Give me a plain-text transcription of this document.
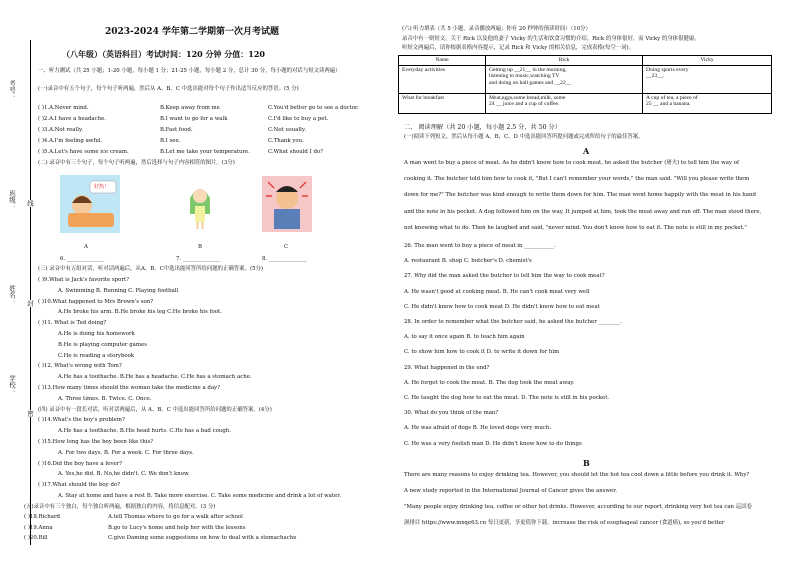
考号：
班级：
姓名：
学校：
线
封
密
2023-2024 学年第二学期第一次月考试题
（八年级）（英语科目）考试时间：120 分钟 分值：120
一、听力测试（共 25 小题；1-20 小题，每小题 1 分；21-25 小题，每小题 2 分，总计 30 分，每小题的对话与短文读两遍）
(一)录音中有五个句子，每个句子听两遍，然后从 A、B、C 中选出能对每个句子作出适当反应的答语。(5 分)
( )1.A.Never mind.	B.Keep away from me	C.You'd better go to see a doctor.
( )2.A.I have a headache.	B.I want to go for a walk	C.I'd like to buy a pet.
( )3.A.Not really.	B.Fast food.	C.Not usually.
( )4.A.I'm feeling awful.	B.I see.	C.Thank you.
( )5.A.Let's have some ice cream.	B.Let me take your temperature.	C.What should I do?
(二) 录音中有三个句子，每个句子听两遍，然后选择与句子内容相符的图片。(3分)
A	B	C
6. ______________	7. ______________	8. ______________
(三) 录音中有五组对话，听对话两遍后，从A、B、C中选出能回答所给问题的正确答案。(5分)
( )9.What is Jack's favorite sport?
A. Swimming B. Running C. Playing football
( )10.What happened to Mrs Brown's son?
A.He broke his arm. B.He broke his leg C.He broke his foot.
( )11. What is Ted doing?
A.He is doing his homework
B.He is playing computer games
C.He is reading a storybook
( )12. What's wrong with Tom?
A.He has a toothache. B.He has a headache. C.He has a stomach ache.
( )13.How many times should the woman take the medicine a day?
A. Three times. B. Twice. C. Once.
(四) 录音中有一段长对话，听对话两遍后，从 A、B、C 中选出能回答所给问题的正确答案。(4分)
( )14.What's the boy's problem?
A.He has a toothache. B.His head hurts. C.He has a bad cough.
( )15.How long has the boy been like this?
A. For two days. B. For a week. C. For three days.
( )16.Did the boy have a fever?
A. Yes,he did. B. No,he didn't. C. We don't know.
( )17.What should the boy do?
A. Stay at home and have a rest B. Take more exercise. C. Take some medicine and drink a lot of water.
(五)录音中有三个独白，每个独白听两遍，根据独白的内容，将信息配对。(3 分)
( )18.Richard	A.tell Thomas where to go for a walk after school
( )19.Anna	B.go to Lucy's home and help her with the lessons
( )20.Bill	C.give Daming some suggestions on how to deal with a stomachache
好热！
(六) 听力填表（共 5 小题，录音播放两遍；你有 20 秒钟的预读时间）（10分）
录音中有一则短文，关于 Rick 以及他的妻子 Vicky 的生活和饮食习惯的介绍。Rick 的身体很好，而 Vicky 的身体很健康。
听短文两遍后，请你根据表格内容提示，记录 Rick 和 Vicky 的相关信息，完成表格(每空一词)。
二、 阅读理解（共 20 小题，每小题 2.5 分，共 50 分）
(一)阅读下列短文，然后从每小题 A、B、C、D 中选出能回答所提问题或完成所给句子的最佳答案。
A
A man went to buy a piece of meat. As he didn't know how to cook meat, he asked the butcher (屠夫) to tell him the way of
cooking it. The butcher told him how to cook it, "But I can't remember your words," the man said. "Will you please write them
down for me?" The butcher was kind enough to write them down for him. The man went home happily with the meat in his hand
and the note in his pocket. A dog followed him on the way. It jumped at him, took the meat away and ran off. The man stood there,
not knowing what to do. Then he laughed and said, "never mind. You don't know how to eat it. The note is still in my pocket."
26. The man went to buy a piece of meat in ___________.
A. restaurant B. shop C. butcher's D. chemist's
27. Why did the man asked the butcher to tell him the way to cook meat?
A. He wasn't good at cooking meat. B. He can't cook meat very well
C. He didn't know how to cook meat D. He didn't know how to eat meat
28. In order to remember what the butcher said, he asked the butcher ________.
A. to say it once again B. to teach him again
C. to show him how to cook it D. to write it down for him
29. What happened in the end?
A. He forgot to cook the meat. B. The dog took the meat away.
C. He taught the dog how to eat the meat. D. The note is still in his pocket.
30. What do you think of the man?
A. He was afraid of dogs B. He loved dogs very much.
C. He was a very foolish man D. He didn't know how to do things
B
There are many reasons to enjoy drinking tea. However, you should let the hot tea cool down a little before you drink it. Why?
A new study reported in the International Journal of Cancer gives the answer.
"Many people enjoy drinking tea, coffee or other hot drinks. However, according to our report, drinking very hot tea can 這試卷
濕排目 https://www.mxqe63.cn 每日更新，享更值你下载。increase the risk of esophageal cancer (食道癌), so you'd better
Name	Rick	Vicky
Everyday activities	Getting up __21__ in the morning,
listening to music,watching TV
and doing on ball games and __22__	Doing sports every
__23__.
What for breakfast	Meat,eggs,some bread,milk, some
24 __ juice and a cup of coffee.	A cup of tea, a piece of
25 __ and a banana.
